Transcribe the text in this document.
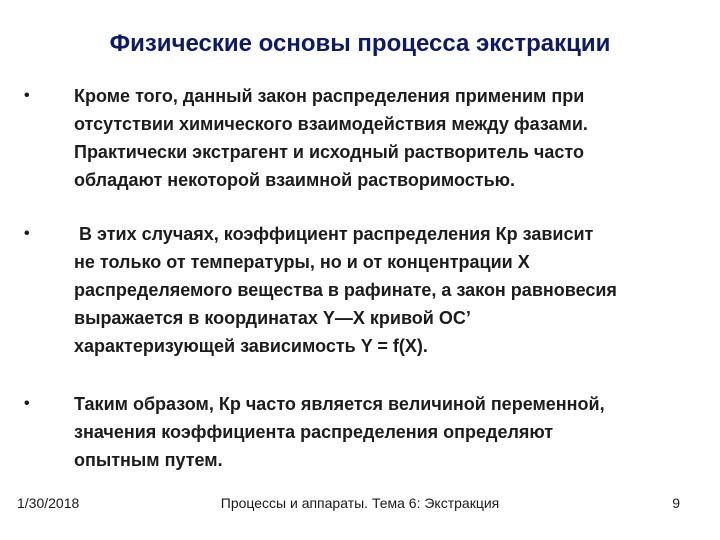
Физические основы процесса экстракции
•	Кроме того, данный закон распределения применим при
отсутствии химического взаимодействия между фазами.
Практически экстрагент и исходный растворитель часто
обладают некоторой взаимной растворимостью.
•	В этих случаях, коэффициент распределения Кр зависит
не только от температуры, но и от концентрации X
распределяемого вещества в рафинате, а закон равновесия
выражается в координатах Y—X кривой ОС’
характеризующей зависимость Y = f(X).
•	Таким образом, Кр часто является величиной переменной,
значения коэффициента распределения определяют
опытным путем.
1/30/2018	Процессы и аппараты. Тема 6: Экстракция	9
